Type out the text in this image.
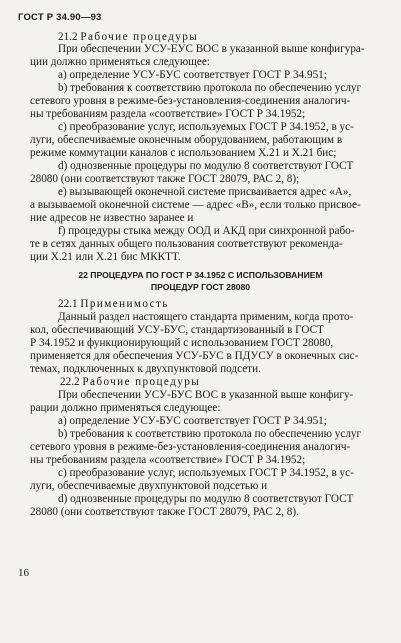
ГОСТ Р 34.90—93
21.2 Рабочие процедуры
При обеспечении УСУ-ЕУС ВОС в указанной выше конфигура-
ции должно применяться следующее:
a) определение УСУ-БУС соответствует ГОСТ Р 34.951;
b) требования к соответствию протокола по обеспечению услуг
сетевого уровня в режиме-без-установления-соединения аналогич-
ны требованиям раздела «соответствие» ГОСТ Р 34.1952;
c) преобразование услуг, используемых ГОСТ Р 34.1952, в ус-
луги, обеспечиваемые оконечным оборудованием, работающим в
режиме коммутации каналов с использованием Х.21 и Х.21 бис;
d) однозвенные процедуры по модулю 8 соответствуют ГОСТ
28080 (они соответствуют также ГОСТ 28079, РАС 2, 8);
e) вызывающей оконечной системе присваивается адрес «А»,
а вызываемой оконечной системе — адрес «В», если только присвое-
ние адресов не известно заранее и
f) процедуры стыка между ООД и АКД при синхронной рабо-
те в сетях данных общего пользования соответствуют рекоменда-
ции Х.21 или Х.21 бис МККТТ.
22 ПРОЦЕДУРА ПО ГОСТ Р 34.1952 С ИСПОЛЬЗОВАНИЕМ
ПРОЦЕДУР ГОСТ 28080
22.1 Применимость
Данный раздел настоящего стандарта применим, когда прото-
кол, обеспечивающий УСУ-БУС, стандартизованный в ГОСТ
Р 34.1952 и функционирующий с использованием ГОСТ 28080,
применяется для обеспечения УСУ-БУС в ПДУСУ в оконечных сис-
темах, подключенных к двухпунктовой подсети.
22.2 Рабочие процедуры
При обеспечении УСУ-БУС ВОС в указанной выше конфигу-
рации должно применяться следующее:
a) определение УСУ-БУС соответствует ГОСТ Р 34.951;
b) требования к соответствию протокола по обеспечению услуг
сетевого уровня в режиме-без-установления-соединения аналогич-
ны требованиям раздела «соответствие» ГОСТ Р 34.1952;
c) преобразование услуг, используемых ГОСТ Р 34.1952, в ус-
луги, обеспечиваемые двухпунктовой подсетью и
d) однозвенные процедуры по модулю 8 соответствуют ГОСТ
28080 (они соответствуют также ГОСТ 28079, РАС 2, 8).
16
